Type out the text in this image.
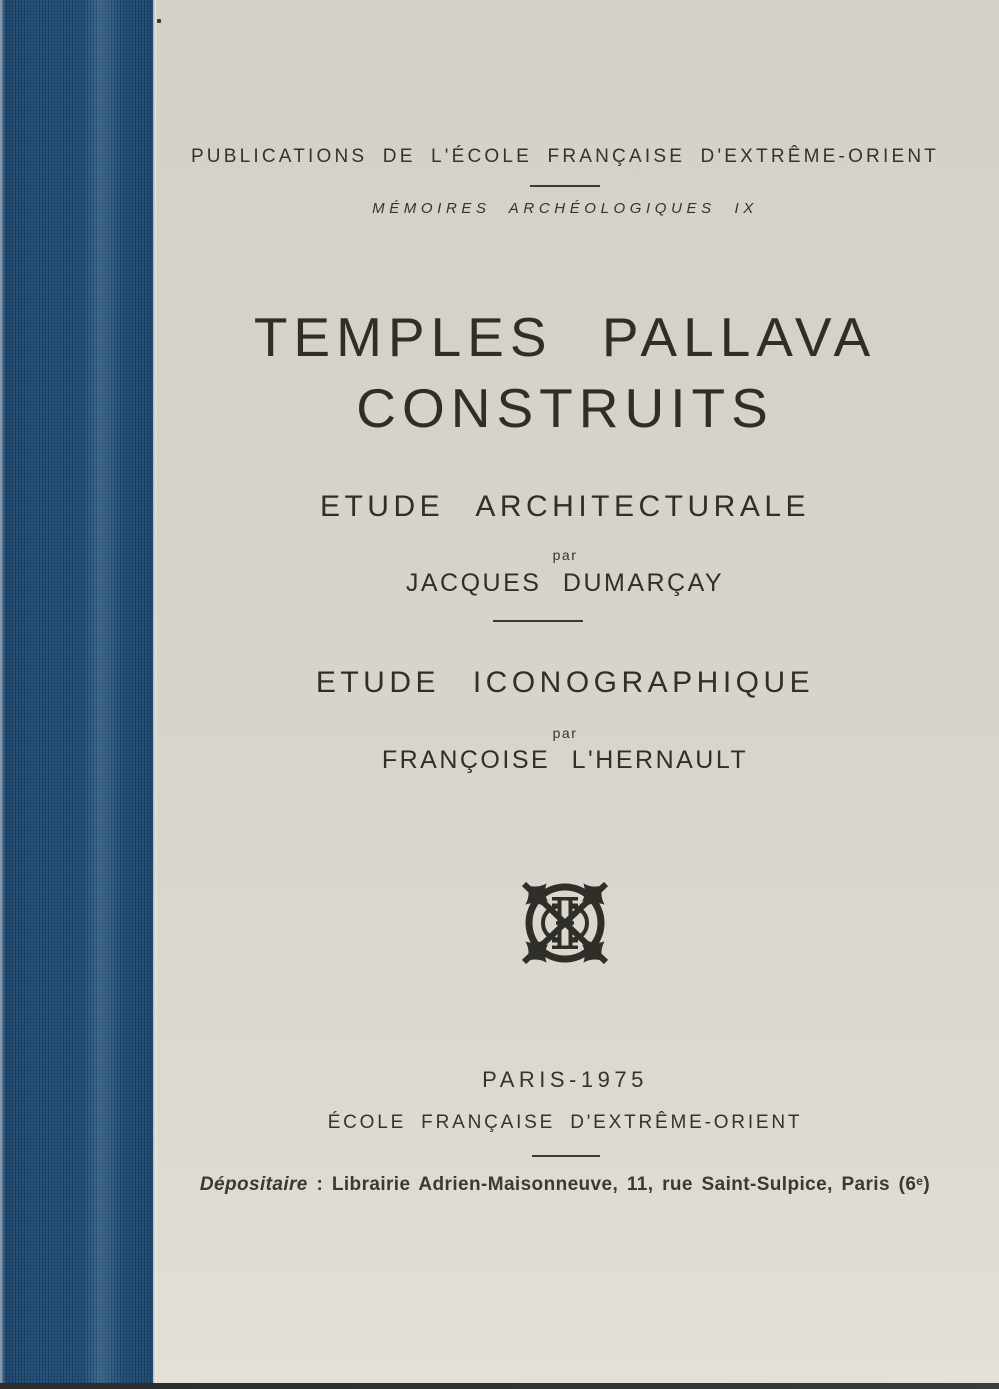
PUBLICATIONS DE L'ÉCOLE FRANÇAISE D'EXTRÊME-ORIENT
MÉMOIRES ARCHÉOLOGIQUES IX
TEMPLES PALLAVA
CONSTRUITS
ETUDE ARCHITECTURALE
par
JACQUES DUMARÇAY
ETUDE ICONOGRAPHIQUE
par
FRANÇOISE L'HERNAULT
PARIS-1975
ÉCOLE FRANÇAISE D'EXTRÊME-ORIENT
Dépositaire : Librairie Adrien-Maisonneuve, 11, rue Saint-Sulpice, Paris (6e)
